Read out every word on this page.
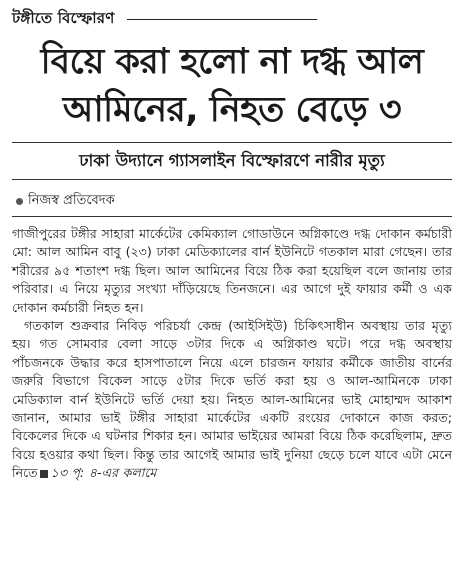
টঙ্গীতে বিস্ফোরণ
বিয়ে করা হলো না দগ্ধ আল
আমিনের, নিহত বেড়ে ৩
ঢাকা উদ্যানে গ্যাসলাইন বিস্ফোরণে নারীর মৃত্যু
নিজস্ব প্রতিবেদক

গাজীপুরের টঙ্গীর সাহারা মার্কেটের কেমিক্যাল গোডাউনে অগ্নিকাণ্ডে দগ্ধ দোকান কর্মচারী মো: আল আমিন বাবু (২৩) ঢাকা মেডিক্যালের বার্ন ইউনিটে গতকাল মারা গেছেন। তার শরীরের ৯৫ শতাংশ দগ্ধ ছিল। আল আমিনের বিয়ে ঠিক করা হয়েছিল বলে জানায় তার পরিবার। এ নিয়ে মৃত্যুর সংখ্যা দাঁড়িয়েছে তিনজনে। এর আগে দুই ফায়ার কর্মী ও এক দোকান কর্মচারী নিহত হন।

গতকাল শুক্রবার নিবিড় পরিচর্যা কেন্দ্র (আইসিইউ) চিকিৎসাধীন অবস্থায় তার মৃত্যু হয়। গত সোমবার বেলা সাড়ে ৩টার দিকে এ অগ্নিকাণ্ড ঘটে। পরে দগ্ধ অবস্থায় পাঁচজনকে উদ্ধার করে হাসপাতালে নিয়ে এলে চারজন ফায়ার কর্মীকে জাতীয় বার্নের জরুরি বিভাগে বিকেল সাড়ে ৫টার দিকে ভর্তি করা হয় ও আল-আমিনকে ঢাকা মেডিক্যাল বার্ন ইউনিটে ভর্তি দেয়া হয়। নিহত আল-আমিনের ভাই মোহাম্মদ আকাশ জানান, আমার ভাই টঙ্গীর সাহারা মার্কেটের একটি রংয়ের দোকানে কাজ করত; বিকেলের দিকে এ ঘটনার শিকার হন। আমার ভাইয়ের আমরা বিয়ে ঠিক করেছিলাম, দ্রুত বিয়ে হওয়ার কথা ছিল। কিন্তু তার আগেই আমার ভাই দুনিয়া ছেড়ে চলে যাবে এটা মেনে নিতে ১৩ পৃ: ৪-এর কলামে
